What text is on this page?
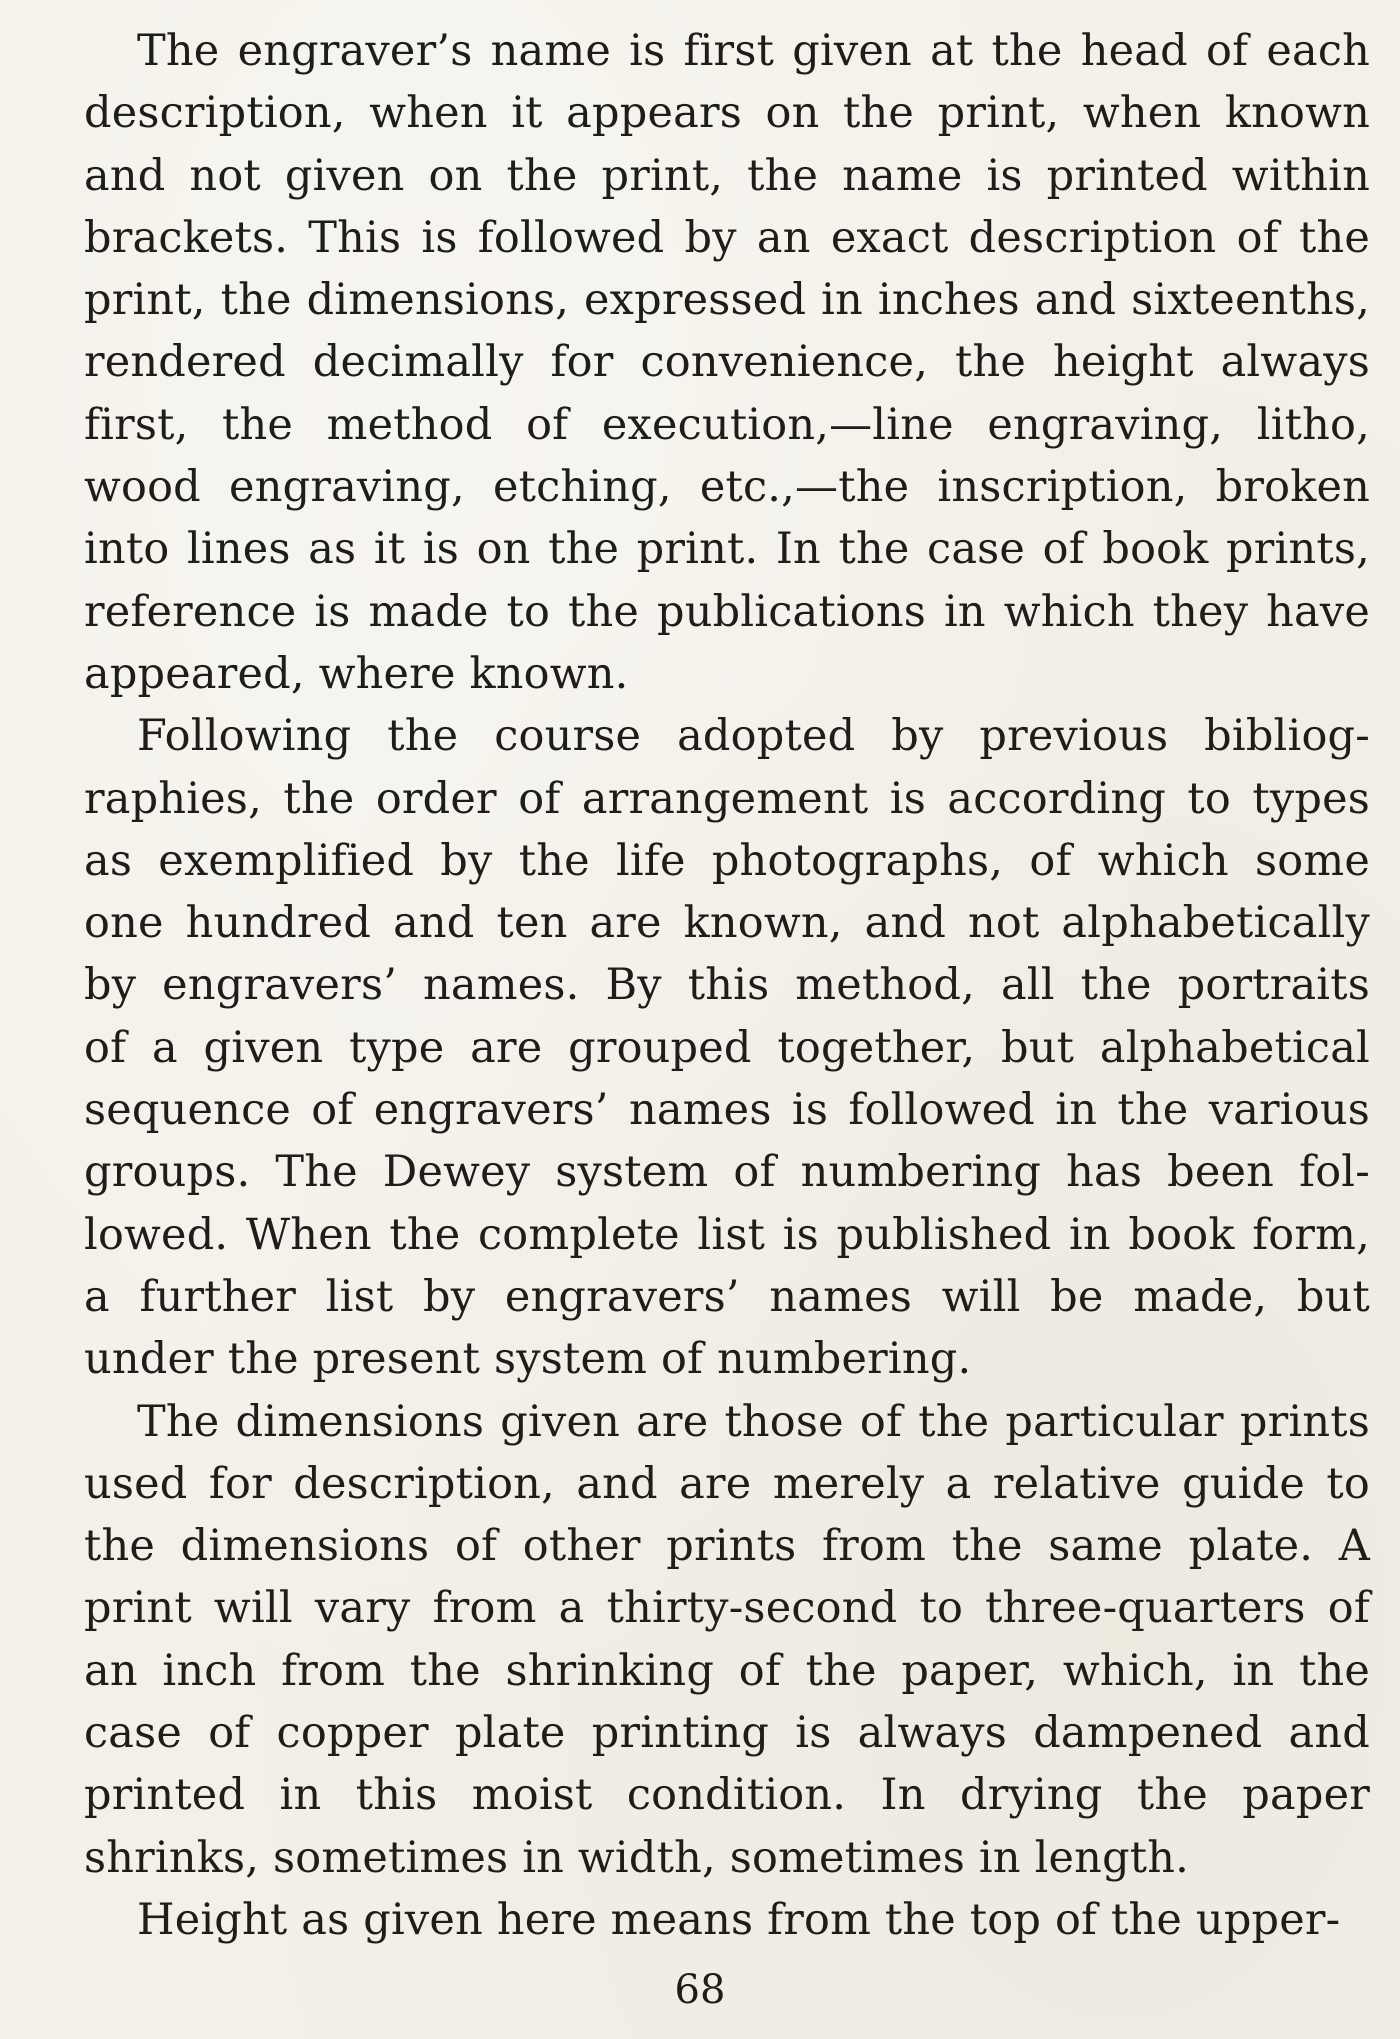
The engraver’s name is first given at the head of each
description, when it appears on the print, when known
and not given on the print, the name is printed within
brackets. This is followed by an exact description of the
print, the dimensions, expressed in inches and sixteenths,
rendered decimally for convenience, the height always
first, the method of execution,—line engraving, litho,
wood engraving, etching, etc.,—the inscription, broken
into lines as it is on the print. In the case of book prints,
reference is made to the publications in which they have
appeared, where known.
Following the course adopted by previous bibliog-
raphies, the order of arrangement is according to types
as exemplified by the life photographs, of which some
one hundred and ten are known, and not alphabetically
by engravers’ names. By this method, all the portraits
of a given type are grouped together, but alphabetical
sequence of engravers’ names is followed in the various
groups. The Dewey system of numbering has been fol-
lowed. When the complete list is published in book form,
a further list by engravers’ names will be made, but
under the present system of numbering.
The dimensions given are those of the particular prints
used for description, and are merely a relative guide to
the dimensions of other prints from the same plate. A
print will vary from a thirty-second to three-quarters of
an inch from the shrinking of the paper, which, in the
case of copper plate printing is always dampened and
printed in this moist condition. In drying the paper
shrinks, sometimes in width, sometimes in length.
Height as given here means from the top of the upper-
68
